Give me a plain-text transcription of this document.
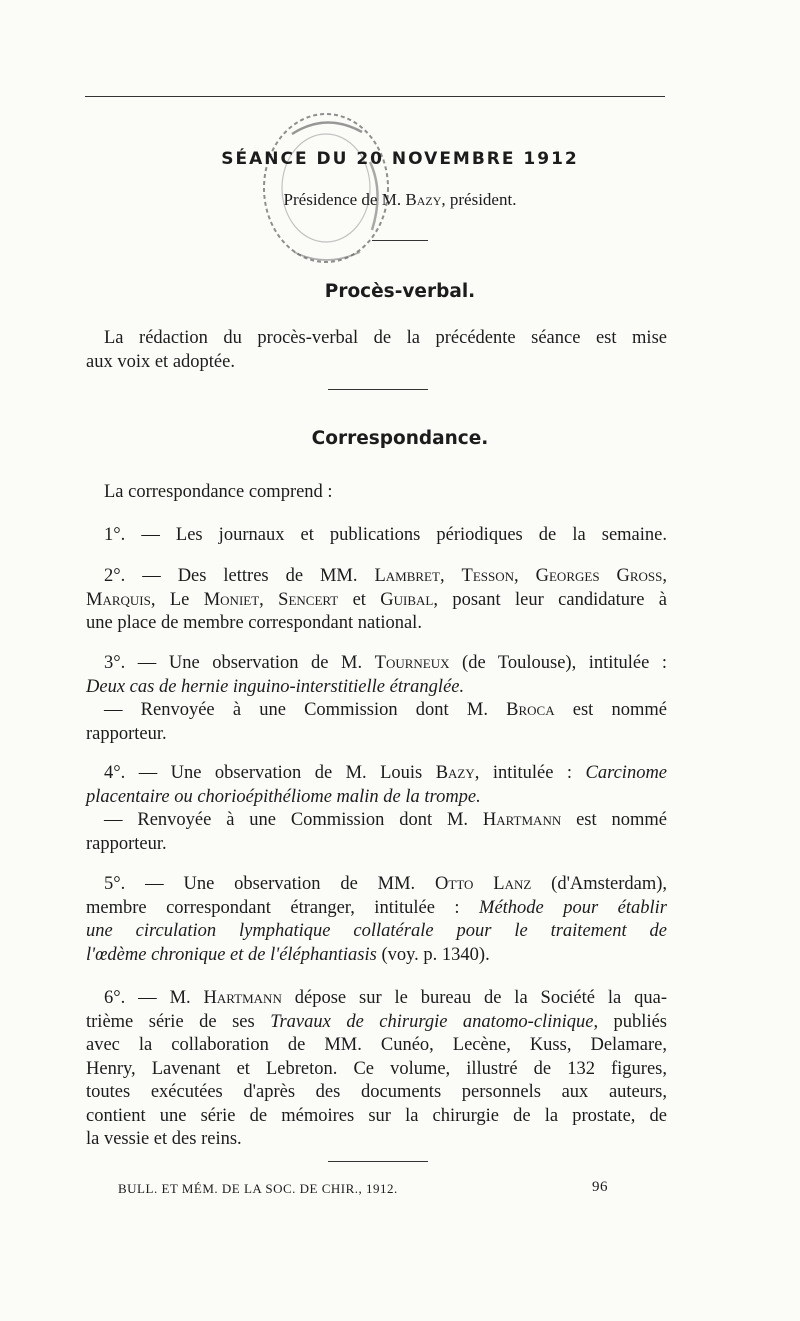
SÉANCE DU 20 NOVEMBRE 1912
Présidence de M. Bazy, président.
Procès-verbal.
La rédaction du procès-verbal de la précédente séance est mise
aux voix et adoptée.
Correspondance.
La correspondance comprend :
1°. — Les journaux et publications périodiques de la semaine.
2°. — Des lettres de MM. Lambret, Tesson, Georges Gross,
Marquis, Le Moniet, Sencert et Guibal, posant leur candidature à
une place de membre correspondant national.
3°. — Une observation de M. Tourneux (de Toulouse), intitulée :
Deux cas de hernie inguino-interstitielle étranglée.
— Renvoyée à une Commission dont M. Broca est nommé
rapporteur.
4°. — Une observation de M. Louis Bazy, intitulée : Carcinome
placentaire ou chorioépithéliome malin de la trompe.
— Renvoyée à une Commission dont M. Hartmann est nommé
rapporteur.
5°. — Une observation de MM. Otto Lanz (d'Amsterdam),
membre correspondant étranger, intitulée : Méthode pour établir
une circulation lymphatique collatérale pour le traitement de
l'œdème chronique et de l'éléphantiasis (voy. p. 1340).
6°. — M. Hartmann dépose sur le bureau de la Société la qua-
trième série de ses Travaux de chirurgie anatomo-clinique, publiés
avec la collaboration de MM. Cunéo, Lecène, Kuss, Delamare,
Henry, Lavenant et Lebreton. Ce volume, illustré de 132 figures,
toutes exécutées d'après des documents personnels aux auteurs,
contient une série de mémoires sur la chirurgie de la prostate, de
la vessie et des reins.
BULL. ET MÉM. DE LA SOC. DE CHIR., 1912.	96
